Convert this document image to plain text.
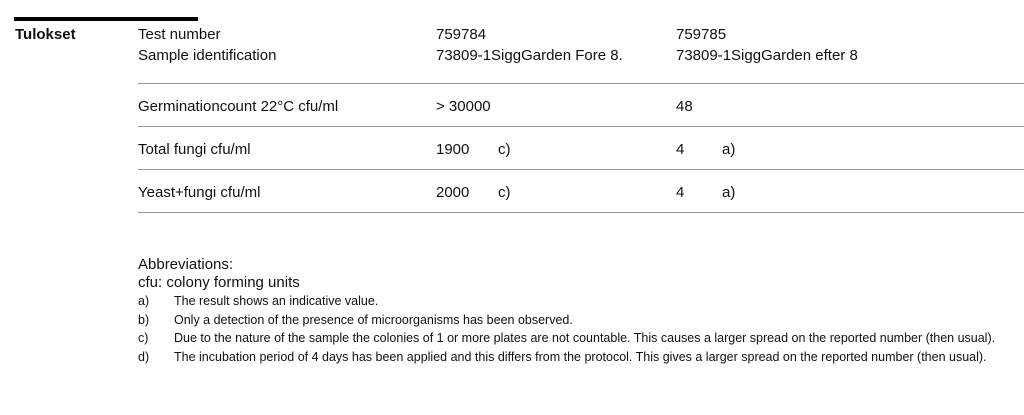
Tulokset	Test number	759784	759785
Sample identification	73809-1SiggGarden Fore 8.	73809-1SiggGarden efter 8
Germinationcount 22°C cfu/ml	> 30000	48
Total fungi cfu/ml	1900 c)	4	a)
Yeast+fungi cfu/ml	2000 c)	4	a)
Abbreviations:
cfu: colony forming units
a) The result shows an indicative value.
b) Only a detection of the presence of microorganisms has been observed.
c) Due to the nature of the sample the colonies of 1 or more plates are not countable. This causes a larger spread on the reported number (then usual).
d) The incubation period of 4 days has been applied and this differs from the protocol. This gives a larger spread on the reported number (then usual).
